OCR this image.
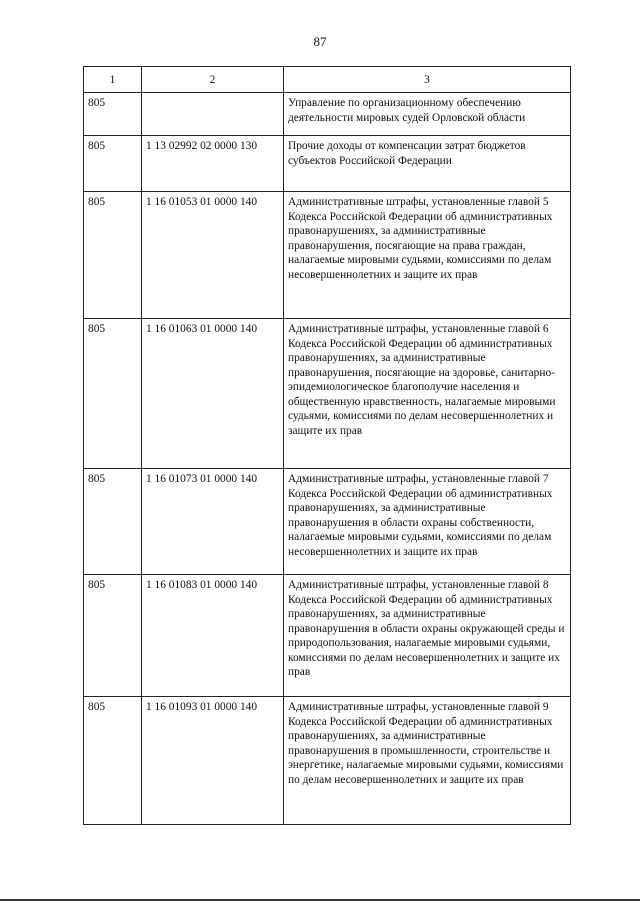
87
1	2	3
805		Управление по организационному обеспечению деятельности мировых судей Орловской области
805	1 13 02992 02 0000 130	Прочие доходы от компенсации затрат бюджетов субъектов Российской Федерации
805	1 16 01053 01 0000 140	Административные штрафы, установленные главой 5 Кодекса Российской Федерации об административных правонарушениях, за административные правонарушения, посягающие на права граждан, налагаемые мировыми судьями, комиссиями по делам несовершеннолетних и защите их прав
805	1 16 01063 01 0000 140	Административные штрафы, установленные главой 6 Кодекса Российской Федерации об административных правонарушениях, за административные правонарушения, посягающие на здоровье, санитарно-эпидемиологическое благополучие населения и общественную нравственность, налагаемые мировыми судьями, комиссиями по делам несовершеннолетних и защите их прав
805	1 16 01073 01 0000 140	Административные штрафы, установленные главой 7 Кодекса Российской Федерации об административных правонарушениях, за административные правонарушения в области охраны собственности, налагаемые мировыми судьями, комиссиями по делам несовершеннолетних и защите их прав
805	1 16 01083 01 0000 140	Административные штрафы, установленные главой 8 Кодекса Российской Федерации об административных правонарушениях, за административные правонарушения в области охраны окружающей среды и природопользования, налагаемые мировыми судьями, комиссиями по делам несовершеннолетних и защите их прав
805	1 16 01093 01 0000 140	Административные штрафы, установленные главой 9 Кодекса Российской Федерации об административных правонарушениях, за административные правонарушения в промышленности, строительстве и энергетике, налагаемые мировыми судьями, комиссиями по делам несовершеннолетних и защите их прав
